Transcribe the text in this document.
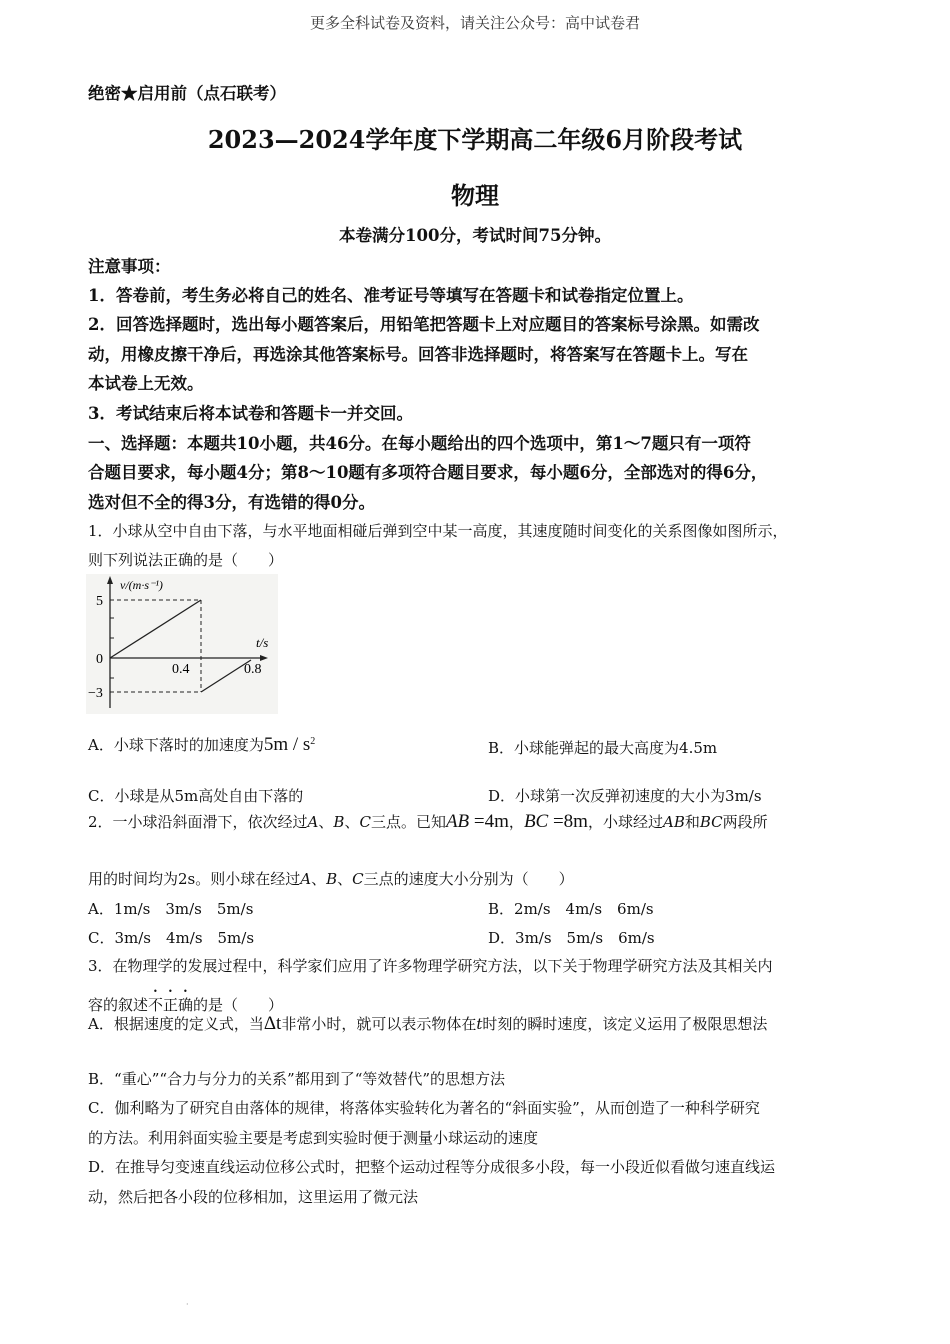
更多全科试卷及资料，请关注公众号：高中试卷君
绝密★启用前（点石联考）
2023—2024学年度下学期高二年级6月阶段考试
物理
本卷满分100分，考试时间75分钟。
注意事项：
1．答卷前，考生务必将自己的姓名、准考证号等填写在答题卡和试卷指定位置上。
2．回答选择题时，选出每小题答案后，用铅笔把答题卡上对应题目的答案标号涂黑。如需改
动，用橡皮擦干净后，再选涂其他答案标号。回答非选择题时，将答案写在答题卡上。写在
本试卷上无效。
3．考试结束后将本试卷和答题卡一并交回。
一、选择题：本题共10小题，共46分。在每小题给出的四个选项中，第1～7题只有一项符
合题目要求，每小题4分；第8～10题有多项符合题目要求，每小题6分，全部选对的得6分，
选对但不全的得3分，有选错的得0分。
1．小球从空中自由下落，与水平地面相碰后弹到空中某一高度，其速度随时间变化的关系图像如图所示，
则下列说法正确的是（　　）
v/(m·s⁻¹)
t/s
5
0
−3
0.4	0.8
A．小球下落时的加速度为$5m / s^2$	B．小球能弹起的最大高度为4.5m
C．小球是从5m高处自由下落的	D．小球第一次反弹初速度的大小为3m/s
2．一小球沿斜面滑下，依次经过A、B、C三点。已知AB =4m，BC =8m，小球经过AB和BC两段所
用的时间均为2s。则小球在经过A、B、C三点的速度大小分别为（　　）
A．1m/s　3m/s　5m/s	B．2m/s　4m/s　6m/s
C．3m/s　4m/s　5m/s	D．3m/s　5m/s　6m/s
3．在物理学的发展过程中，科学家们应用了许多物理学研究方法，以下关于物理学研究方法及其相关内
容的叙述不正确的是（　　）
A．根据速度的定义式，当Δt非常小时，就可以表示物体在t时刻的瞬时速度，该定义运用了极限思想法
B．“重心”“合力与分力的关系”都用到了“等效替代”的思想方法
C．伽利略为了研究自由落体的规律，将落体实验转化为著名的“斜面实验”，从而创造了一种科学研究
的方法。利用斜面实验主要是考虑到实验时便于测量小球运动的速度
D．在推导匀变速直线运动位移公式时，把整个运动过程等分成很多小段，每一小段近似看做匀速直线运
动，然后把各小段的位移相加，这里运用了微元法
·
